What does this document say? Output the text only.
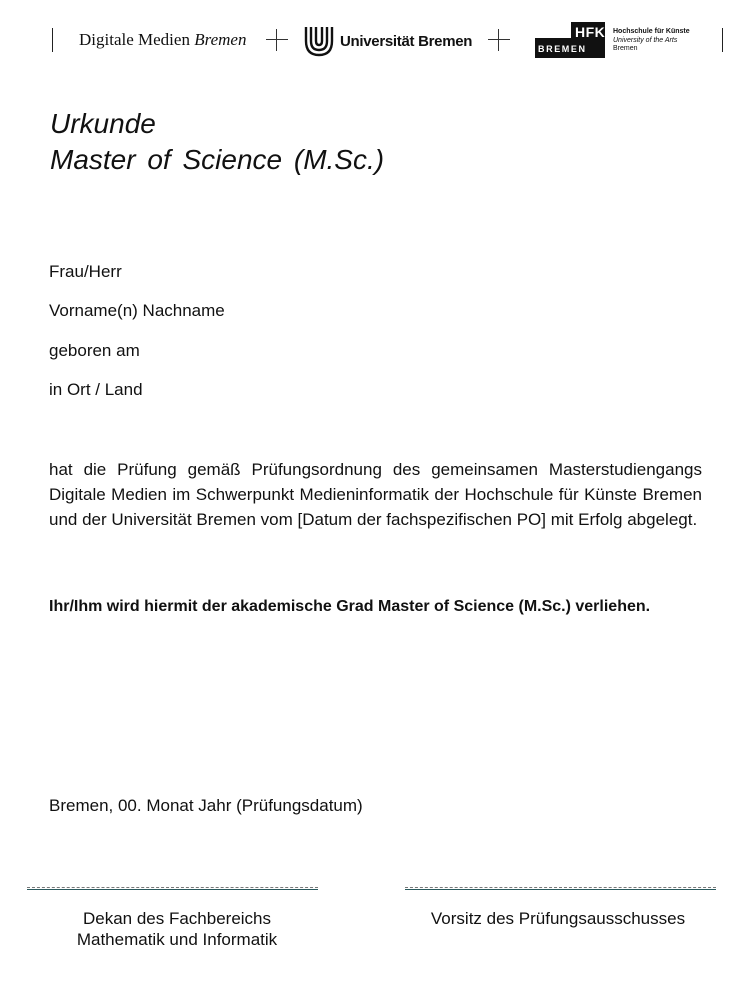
Digitale Medien Bremen	Universität Bremen
HFK
BREMEN
Hochschule für Künste
University of the Arts
Bremen
Urkunde
Master of Science (M.Sc.)
Frau/Herr
Vorname(n) Nachname
geboren am
in Ort / Land
hat die Prüfung gemäß Prüfungsordnung des gemeinsamen Masterstudiengangs Digitale Medien im Schwerpunkt Medieninformatik der Hochschule für Künste Bremen und der Universität Bremen vom [Datum der fachspezifischen PO] mit Erfolg abgelegt.
Ihr/Ihm wird hiermit der akademische Grad Master of Science (M.Sc.) verliehen.
Bremen, 00. Monat Jahr (Prüfungsdatum)
Dekan des Fachbereichs
Mathematik und Informatik
Vorsitz des Prüfungsausschusses
